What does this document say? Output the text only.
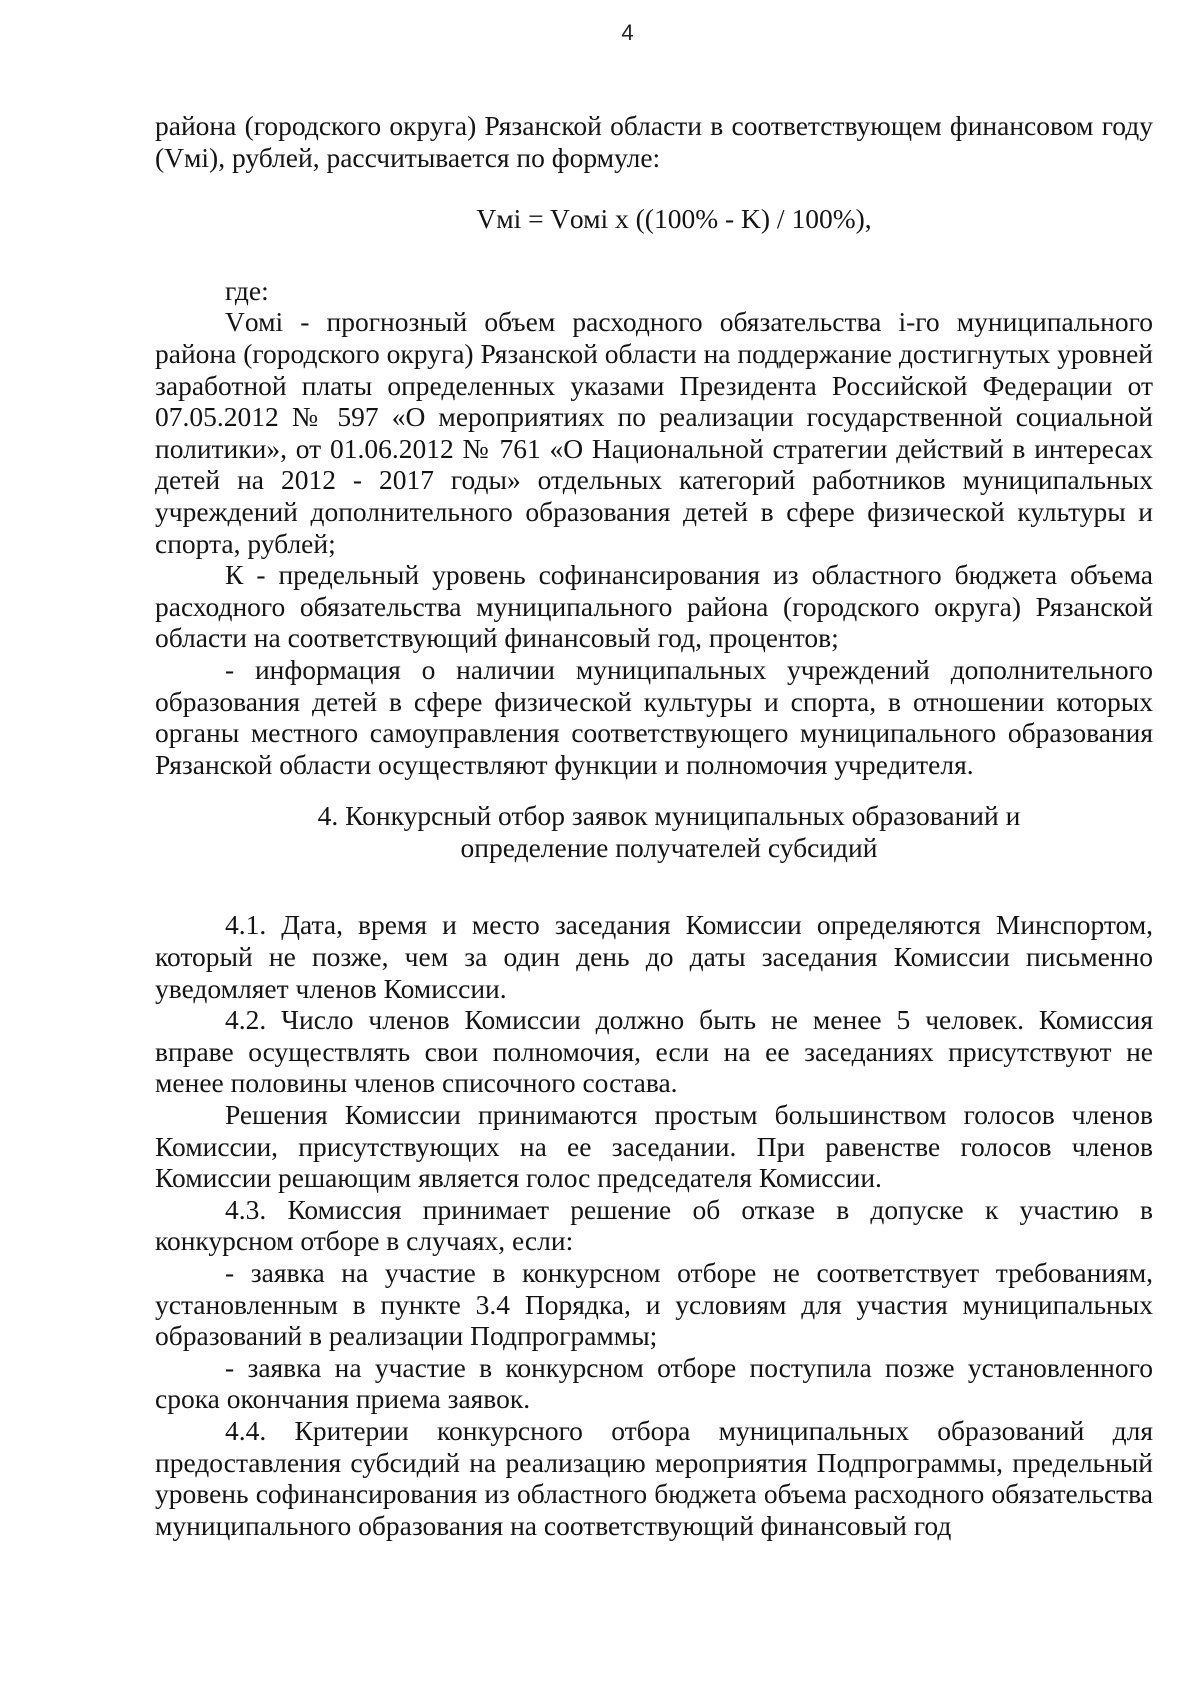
4

района (городского округа) Рязанской области в соответствующем финансовом году (Vмi), рублей, рассчитывается по формуле:

Vмi = Vомi x ((100% - K) / 100%),

где:

Vомi - прогнозный объем расходного обязательства i-го муниципального района (городского округа) Рязанской области на поддержание достигнутых уровней заработной платы определенных указами Президента Российской Федерации от 07.05.2012 № 597 «О мероприятиях по реализации государственной социальной политики», от 01.06.2012 № 761 «О Национальной стратегии действий в интересах детей на 2012 - 2017 годы» отдельных категорий работников муниципальных учреждений дополнительного образования детей в сфере физической культуры и спорта, рублей;

К - предельный уровень софинансирования из областного бюджета объема расходного обязательства муниципального района (городского округа) Рязанской области на соответствующий финансовый год, процентов;

- информация о наличии муниципальных учреждений дополнительного образования детей в сфере физической культуры и спорта, в отношении которых органы местного самоуправления соответствующего муниципального образования Рязанской области осуществляют функции и полномочия учредителя.

4. Конкурсный отбор заявок муниципальных образований и
определение получателей субсидий

4.1. Дата, время и место заседания Комиссии определяются Минспортом, который не позже, чем за один день до даты заседания Комиссии письменно уведомляет членов Комиссии.

4.2. Число членов Комиссии должно быть не менее 5 человек. Комиссия вправе осуществлять свои полномочия, если на ее заседаниях присутствуют не менее половины членов списочного состава.

Решения Комиссии принимаются простым большинством голосов членов Комиссии, присутствующих на ее заседании. При равенстве голосов членов Комиссии решающим является голос председателя Комиссии.

4.3. Комиссия принимает решение об отказе в допуске к участию в конкурсном отборе в случаях, если:

- заявка на участие в конкурсном отборе не соответствует требованиям, установленным в пункте 3.4 Порядка, и условиям для участия муниципальных образований в реализации Подпрограммы;

- заявка на участие в конкурсном отборе поступила позже установленного срока окончания приема заявок.

4.4. Критерии конкурсного отбора муниципальных образований для предоставления субсидий на реализацию мероприятия Подпрограммы, предельный уровень софинансирования из областного бюджета объема расходного обязательства муниципального образования на соответствующий финансовый год
